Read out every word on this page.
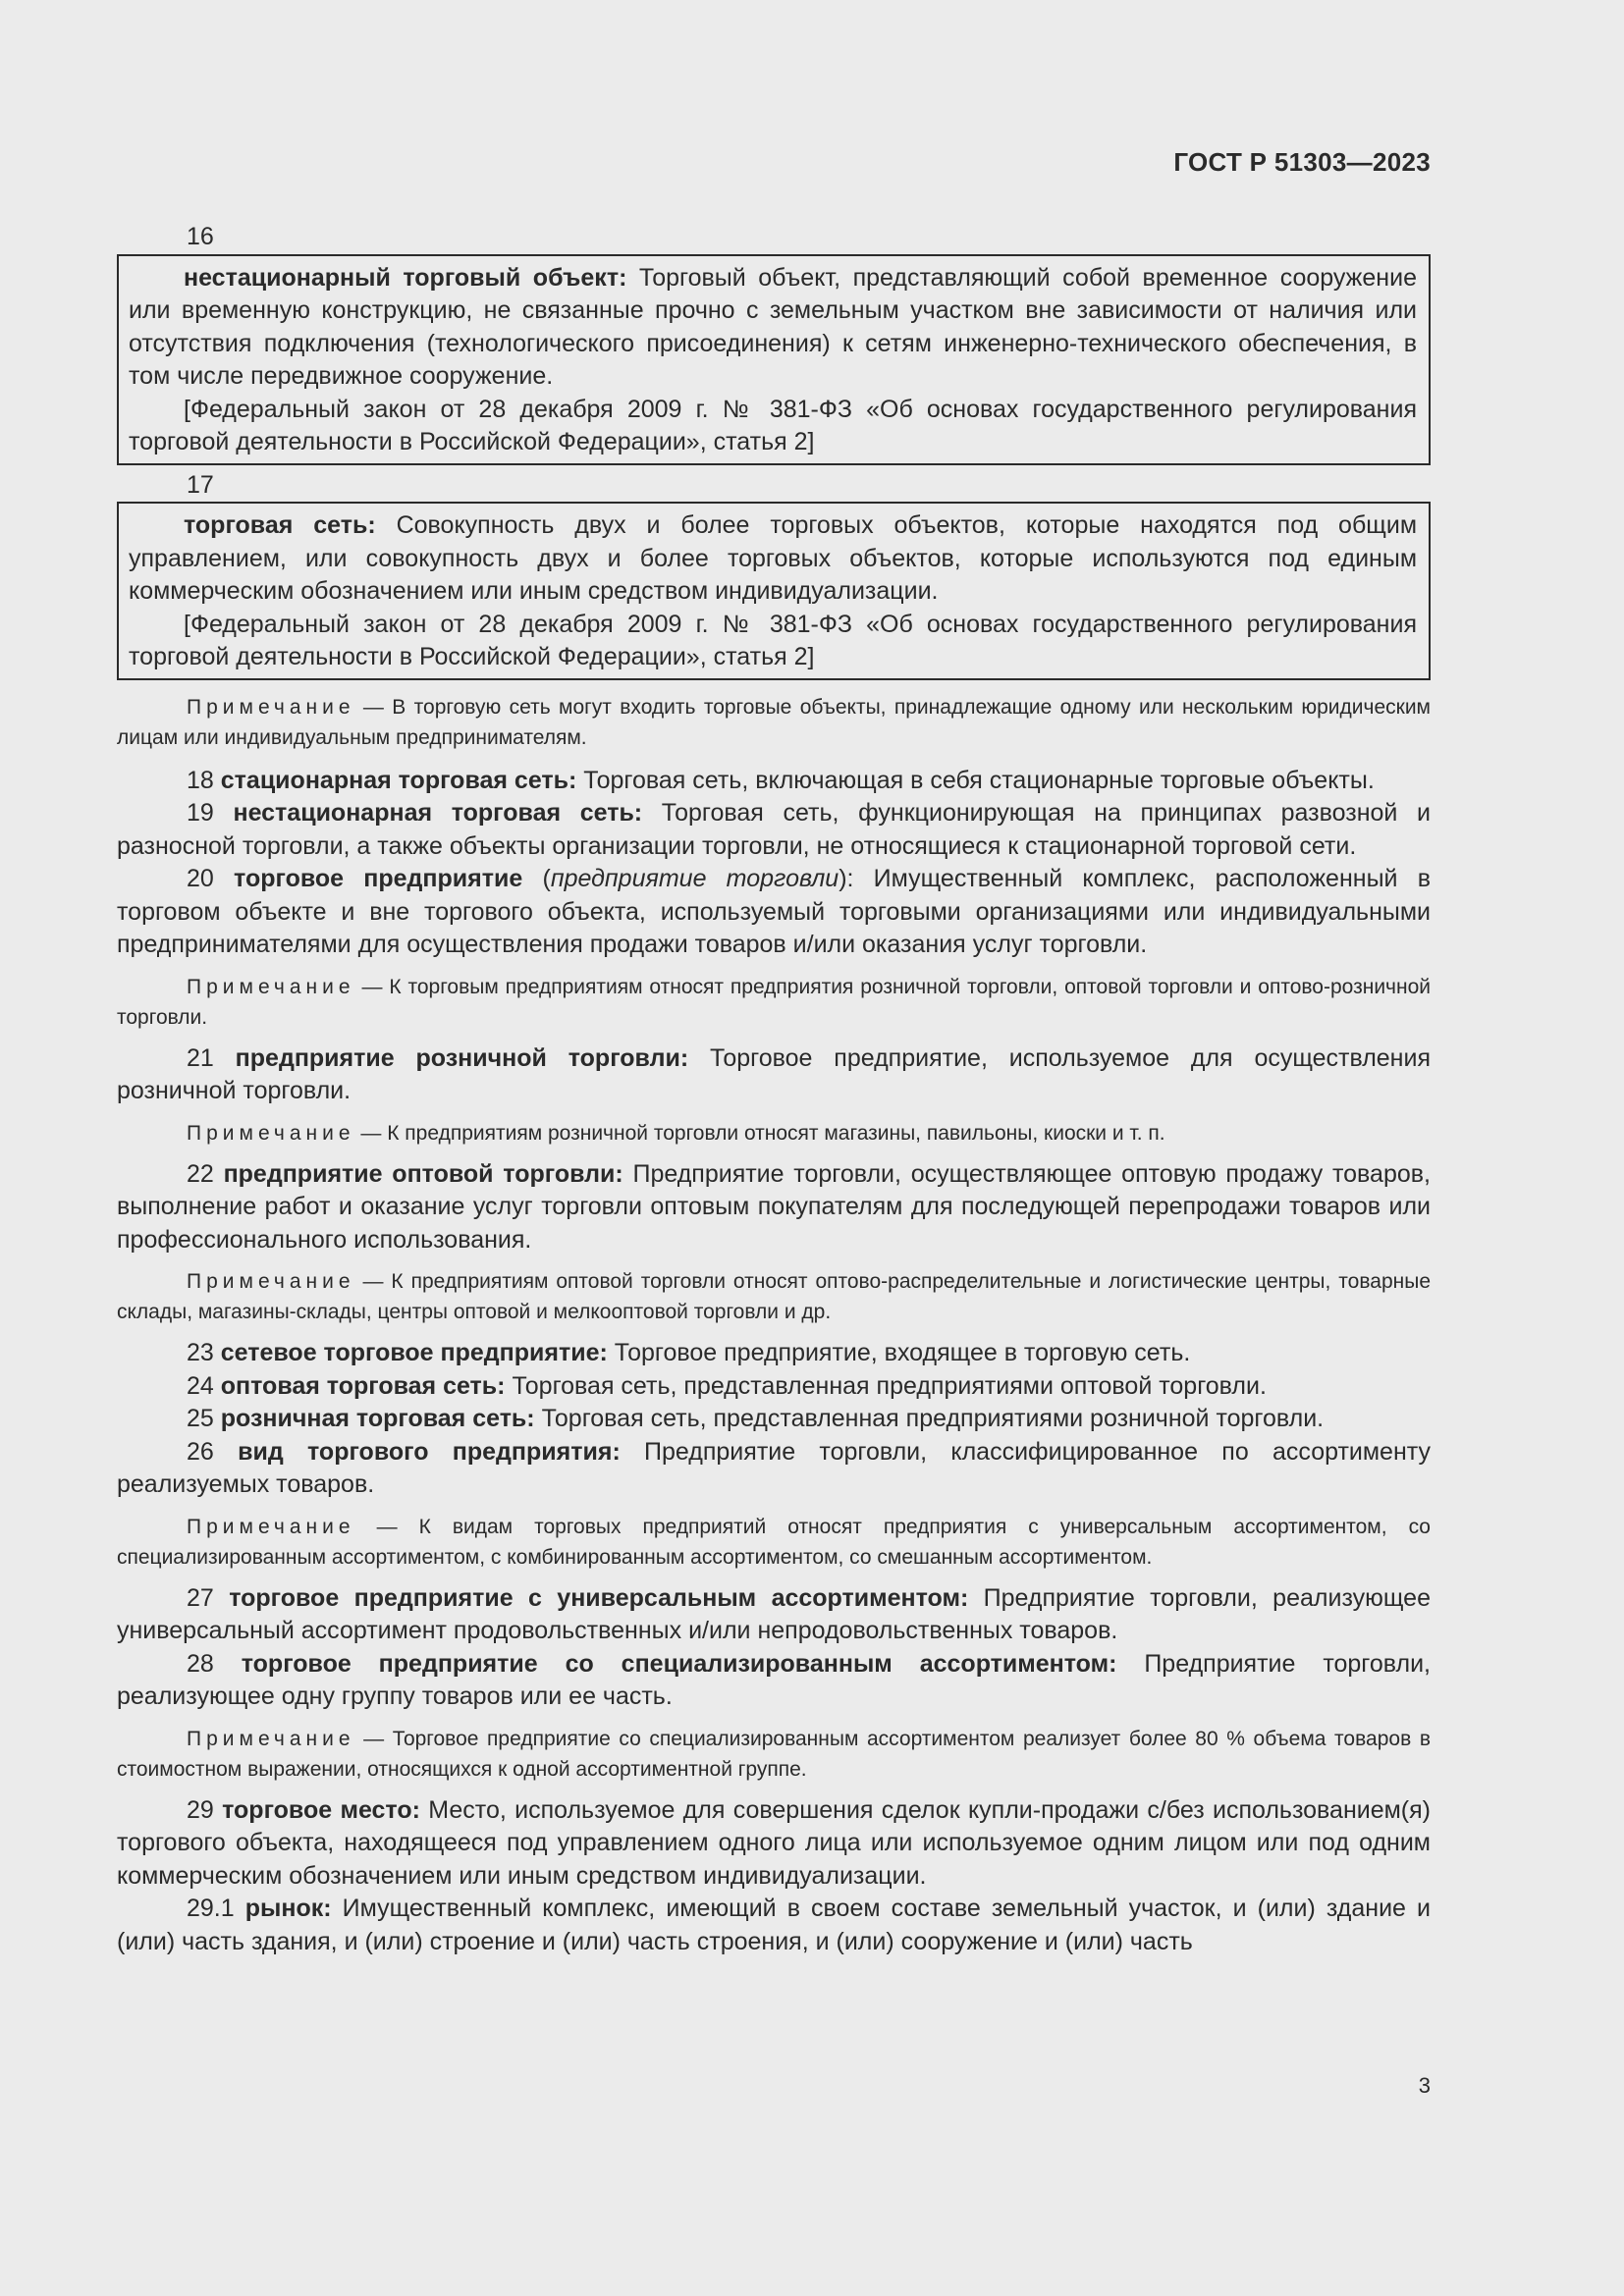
ГОСТ Р 51303—2023
16

нестационарный торговый объект: Торговый объект, представляющий собой временное сооружение или временную конструкцию, не связанные прочно с земельным участком вне зависимости от наличия или отсутствия подключения (технологического присоединения) к сетям инженерно-технического обеспечения, в том числе передвижное сооружение.

[Федеральный закон от 28 декабря 2009 г. № 381-ФЗ «Об основах государственного регулирования торговой деятельности в Российской Федерации», статья 2]

17

торговая сеть: Совокупность двух и более торговых объектов, которые находятся под общим управлением, или совокупность двух и более торговых объектов, которые используются под единым коммерческим обозначением или иным средством индивидуализации.

[Федеральный закон от 28 декабря 2009 г. № 381-ФЗ «Об основах государственного регулирования торговой деятельности в Российской Федерации», статья 2]

Примечание — В торговую сеть могут входить торговые объекты, принадлежащие одному или нескольким юридическим лицам или индивидуальным предпринимателям.

18 стационарная торговая сеть: Торговая сеть, включающая в себя стационарные торговые объекты.

19 нестационарная торговая сеть: Торговая сеть, функционирующая на принципах развозной и разносной торговли, а также объекты организации торговли, не относящиеся к стационарной торговой сети.

20 торговое предприятие (предприятие торговли): Имущественный комплекс, расположенный в торговом объекте и вне торгового объекта, используемый торговыми организациями или индивидуальными предпринимателями для осуществления продажи товаров и/или оказания услуг торговли.

Примечание — К торговым предприятиям относят предприятия розничной торговли, оптовой торговли и оптово-розничной торговли.

21 предприятие розничной торговли: Торговое предприятие, используемое для осуществления розничной торговли.

Примечание — К предприятиям розничной торговли относят магазины, павильоны, киоски и т. п.

22 предприятие оптовой торговли: Предприятие торговли, осуществляющее оптовую продажу товаров, выполнение работ и оказание услуг торговли оптовым покупателям для последующей перепродажи товаров или профессионального использования.

Примечание — К предприятиям оптовой торговли относят оптово-распределительные и логистические центры, товарные склады, магазины-склады, центры оптовой и мелкооптовой торговли и др.

23 сетевое торговое предприятие: Торговое предприятие, входящее в торговую сеть.

24 оптовая торговая сеть: Торговая сеть, представленная предприятиями оптовой торговли.

25 розничная торговая сеть: Торговая сеть, представленная предприятиями розничной торговли.

26 вид торгового предприятия: Предприятие торговли, классифицированное по ассортименту реализуемых товаров.

Примечание — К видам торговых предприятий относят предприятия с универсальным ассортиментом, со специализированным ассортиментом, с комбинированным ассортиментом, со смешанным ассортиментом.

27 торговое предприятие с универсальным ассортиментом: Предприятие торговли, реализующее универсальный ассортимент продовольственных и/или непродовольственных товаров.

28 торговое предприятие со специализированным ассортиментом: Предприятие торговли, реализующее одну группу товаров или ее часть.

Примечание — Торговое предприятие со специализированным ассортиментом реализует более 80 % объема товаров в стоимостном выражении, относящихся к одной ассортиментной группе.

29 торговое место: Место, используемое для совершения сделок купли-продажи с/без использованием(я) торгового объекта, находящееся под управлением одного лица или используемое одним лицом или под одним коммерческим обозначением или иным средством индивидуализации.

29.1 рынок: Имущественный комплекс, имеющий в своем составе земельный участок, и (или) здание и (или) часть здания, и (или) строение и (или) часть строения, и (или) сооружение и (или) часть

3
